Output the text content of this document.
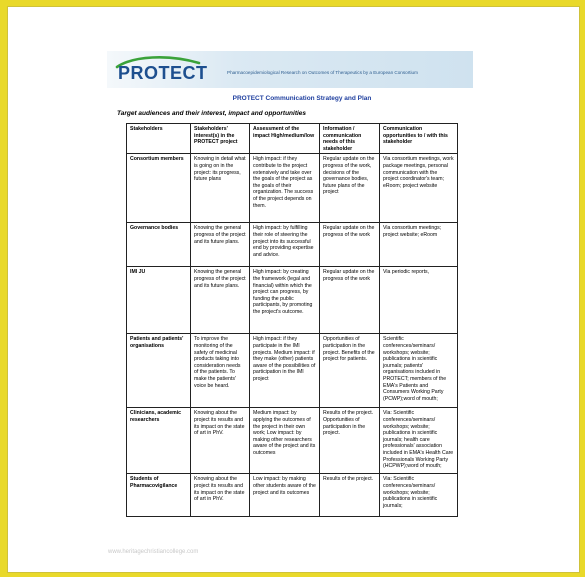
PROTECT	Pharmacoepidemiological Research on Outcomes of Therapeutics by a European Consortium
PROTECT Communication Strategy and Plan
Target audiences and their interest, impact and opportunities
Stakeholders	Stakeholders' interest(s) in the PROTECT project	Assessment of the impact High/medium/low	Information / communication needs of this stakeholder	Communication opportunities to / with this stakeholder
Consortium members	Knowing in detail what is going on in the project: its progress, future plans	High impact: if they contribute to the project extensively and take over the goals of the project as the goals of their organization. The success of the project depends on them.	Regular update on the progress of the work, decisions of the governance bodies, future plans of the project	Via consortium meetings, work package meetings, personal communication with the project coordinator's team; eRoom; project website
Governance bodies	Knowing the general progress of the project and its future plans.	High impact: by fulfilling their role of steering the project into its successful end by providing expertise and advice.	Regular update on the progress of the work	Via consortium meetings; project website; eRoom
IMI JU	Knowing the general progress of the project and its future plans.	High impact: by creating the framework (legal and financial) within which the project can progress, by funding the public participants, by promoting the project's outcome.	Regular update on the progress of the work	Via periodic reports,
Patients and patients' organisations	To improve the monitoring of the safety of medicinal products taking into consideration needs of the patients. To make the patients' voice be heard.	High impact: if they participate in the IMI projects. Medium impact: if they make (other) patients aware of the possibilities of participation in the IMI project	Opportunities of participation in the project. Benefits of the project for patients.	Scientific conferences/seminars/ workshops; website; publications in scientific journals; patients' organisations included in PROTECT; members of the EMA's Patients and Consumers Working Party (PCWP);word of mouth;
Clinicians, academic researchers	Knowing about the project its results and its impact on the state of art in PhV.	Medium impact: by applying the outcomes of the project in their own work; Low impact: by making other researchers aware of the project and its outcomes	Results of the project. Opportunities of participation in the project.	Via: Scientific conferences/seminars/ workshops; website; publications in scientific journals; health care professionals' association included in EMA's Health Care Professionals Working Party (HCPWP);word of mouth;
Students of Pharmacovigilance	Knowing about the project its results and its impact on the state of art in PhV.	Low impact: by making other students aware of the project and its outcomes	Results of the project.	Via: Scientific conferences/seminars/ workshops; website; publications in scientific journals;
www.heritagechristiancollege.com
